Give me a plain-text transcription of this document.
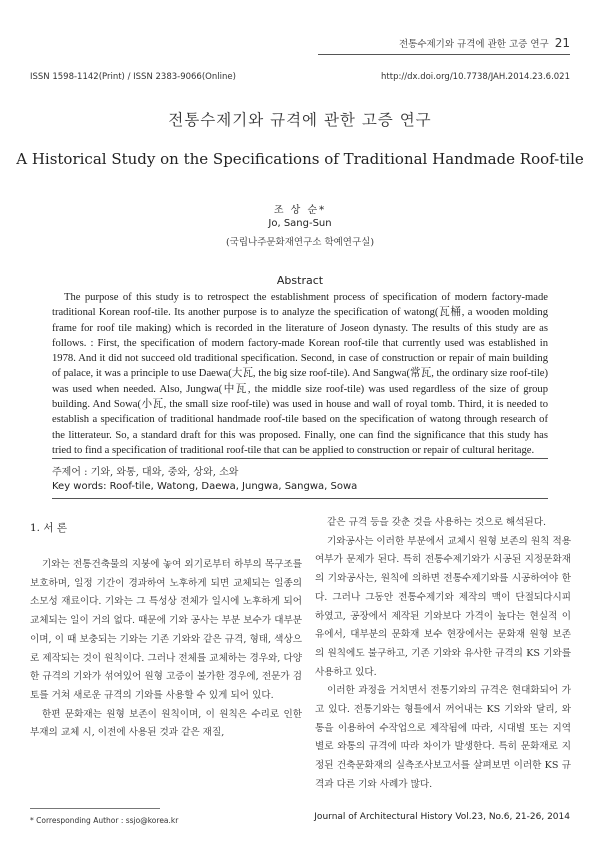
전통수제기와 규격에 관한 고증 연구 21
ISSN 1598-1142(Print) / ISSN 2383-9066(Online)	http://dx.doi.org/10.7738/JAH.2014.23.6.021
전통수제기와 규격에 관한 고증 연구
A Historical Study on the Specifications of Traditional Handmade Roof-tile
조 상 순*
Jo, Sang-Sun
(국립나주문화재연구소 학예연구실)
Abstract
The purpose of this study is to retrospect the establishment process of specification of modern factory-made traditional Korean roof-tile. Its another purpose is to analyze the specification of watong(瓦桶, a wooden molding frame for roof tile making) which is recorded in the literature of Joseon dynasty. The results of this study are as follows. : First, the specification of modern factory-made Korean roof-tile that currently used was established in 1978. And it did not succeed old traditional specification. Second, in case of construction or repair of main building of palace, it was a principle to use Daewa(大瓦, the big size roof-tile). And Sangwa(常瓦, the ordinary size roof-tile) was used when needed. Also, Jungwa(中瓦, the middle size roof-tile) was used regardless of the size of group building. And Sowa(小瓦, the small size roof-tile) was used in house and wall of royal tomb. Third, it is needed to establish a specification of traditional handmade roof-tile based on the specification of watong through research of the litterateur. So, a standard draft for this was proposed. Finally, one can find the significance that this study has tried to find a specification of traditional roof-tile that can be applied to construction or repair of cultural heritage.
주제어 : 기와, 와통, 대와, 중와, 상와, 소와
Key words: Roof-tile, Watong, Daewa, Jungwa, Sangwa, Sowa
1. 서 론

기와는 전통건축물의 지붕에 놓여 외기로부터 하부의 목구조를 보호하며, 일정 기간이 경과하여 노후하게 되면 교체되는 일종의 소모성 재료이다. 기와는 그 특성상 전체가 일시에 노후하게 되어 교체되는 일이 거의 없다. 때문에 기와 공사는 부분 보수가 대부분이며, 이 때 보충되는 기와는 기존 기와와 같은 규격, 형태, 색상으로 제작되는 것이 원칙이다. 그러나 전체를 교체하는 경우와, 다양한 규격의 기와가 섞여있어 원형 고증이 불가한 경우에, 전문가 검토를 거쳐 새로운 규격의 기와를 사용할 수 있게 되어 있다.

한편 문화재는 원형 보존이 원칙이며, 이 원칙은 수리로 인한 부재의 교체 시, 이전에 사용된 것과 같은 재질,

같은 규격 등을 갖춘 것을 사용하는 것으로 해석된다.

기와공사는 이러한 부분에서 교체시 원형 보존의 원칙 적용 여부가 문제가 된다. 특히 전통수제기와가 시공된 지정문화재의 기와공사는, 원칙에 의하면 전통수제기와를 시공하여야 한다. 그러나 그동안 전통수제기와 제작의 맥이 단절되다시피 하였고, 공장에서 제작된 기와보다 가격이 높다는 현실적 이유에서, 대부분의 문화재 보수 현장에서는 문화재 원형 보존의 원칙에도 불구하고, 기존 기와와 유사한 규격의 KS 기와를 사용하고 있다.

이러한 과정을 거치면서 전통기와의 규격은 현대화되어 가고 있다. 전통기와는 형틀에서 꺼어내는 KS 기와와 달리, 와통을 이용하여 수작업으로 제작됨에 따라, 시대별 또는 지역별로 와통의 규격에 따라 차이가 발생한다. 특히 문화재로 지정된 건축문화재의 실측조사보고서를 살펴보면 이러한 KS 규격과 다른 기와 사례가 많다.

* Corresponding Author : ssjo@korea.kr	Journal of Architectural History Vol.23, No.6, 21-26, 2014
